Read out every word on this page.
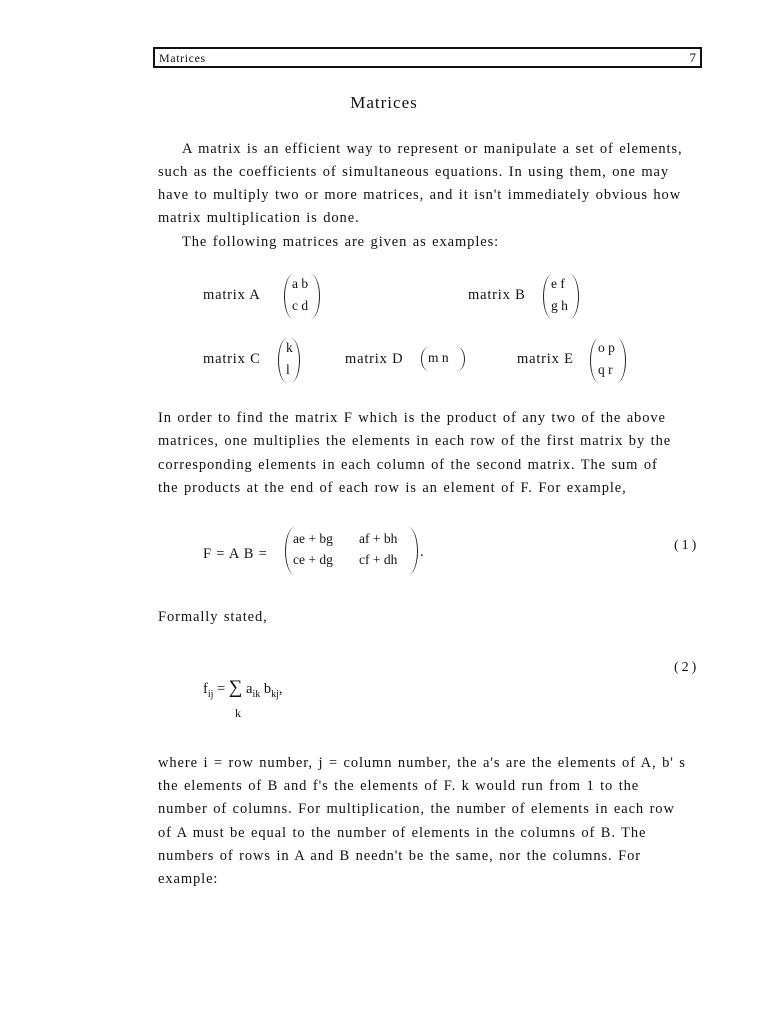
Matrices	7
Matrices
A matrix is an efficient way to represent or manipulate a set of elements,
such as the coefficients of simultaneous equations. In using them, one may
have to multiply two or more matrices, and it isn't immediately obvious how
matrix multiplication is done.
The following matrices are given as examples:
matrix A
a b
c d
matrix B
e f
g h
matrix C
k
l
matrix D m n	matrix E
o p
q r
In order to find the matrix F which is the product of any two of the above
matrices, one multiplies the elements in each row of the first matrix by the
corresponding elements in each column of the second matrix. The sum of
the products at the end of each row is an element of F. For example,
F = A B =
ae + bg af + bh
ce + dg cf + dh .	(1)
Formally stated,
(2)
$f_{ij}$ = ∑ $a_{ik}$ $b_{kj}$,
k
where i = row number, j = column number, the a's are the elements of A, b' s
the elements of B and f's the elements of F. k would run from 1 to the
number of columns. For multiplication, the number of elements in each row
of A must be equal to the number of elements in the columns of B. The
numbers of rows in A and B needn't be the same, nor the columns. For
example:
